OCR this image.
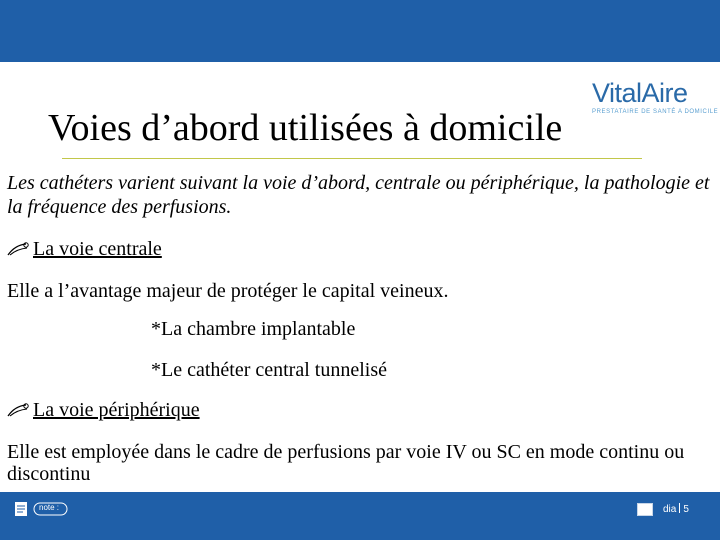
VitalAire
PRESTATAIRE DE SANTÉ A DOMICILE
Voies d’abord utilisées à domicile
Les cathéters varient suivant la voie d’abord, centrale ou périphérique, la pathologie et la fréquence des perfusions.
La voie centrale
Elle a l’avantage majeur de protéger le capital veineux.
*La chambre implantable
*Le cathéter central tunnelisé
La voie périphérique
Elle est employée dans le cadre de perfusions par voie IV ou SC en mode continu ou discontinu
note :	dia 5
